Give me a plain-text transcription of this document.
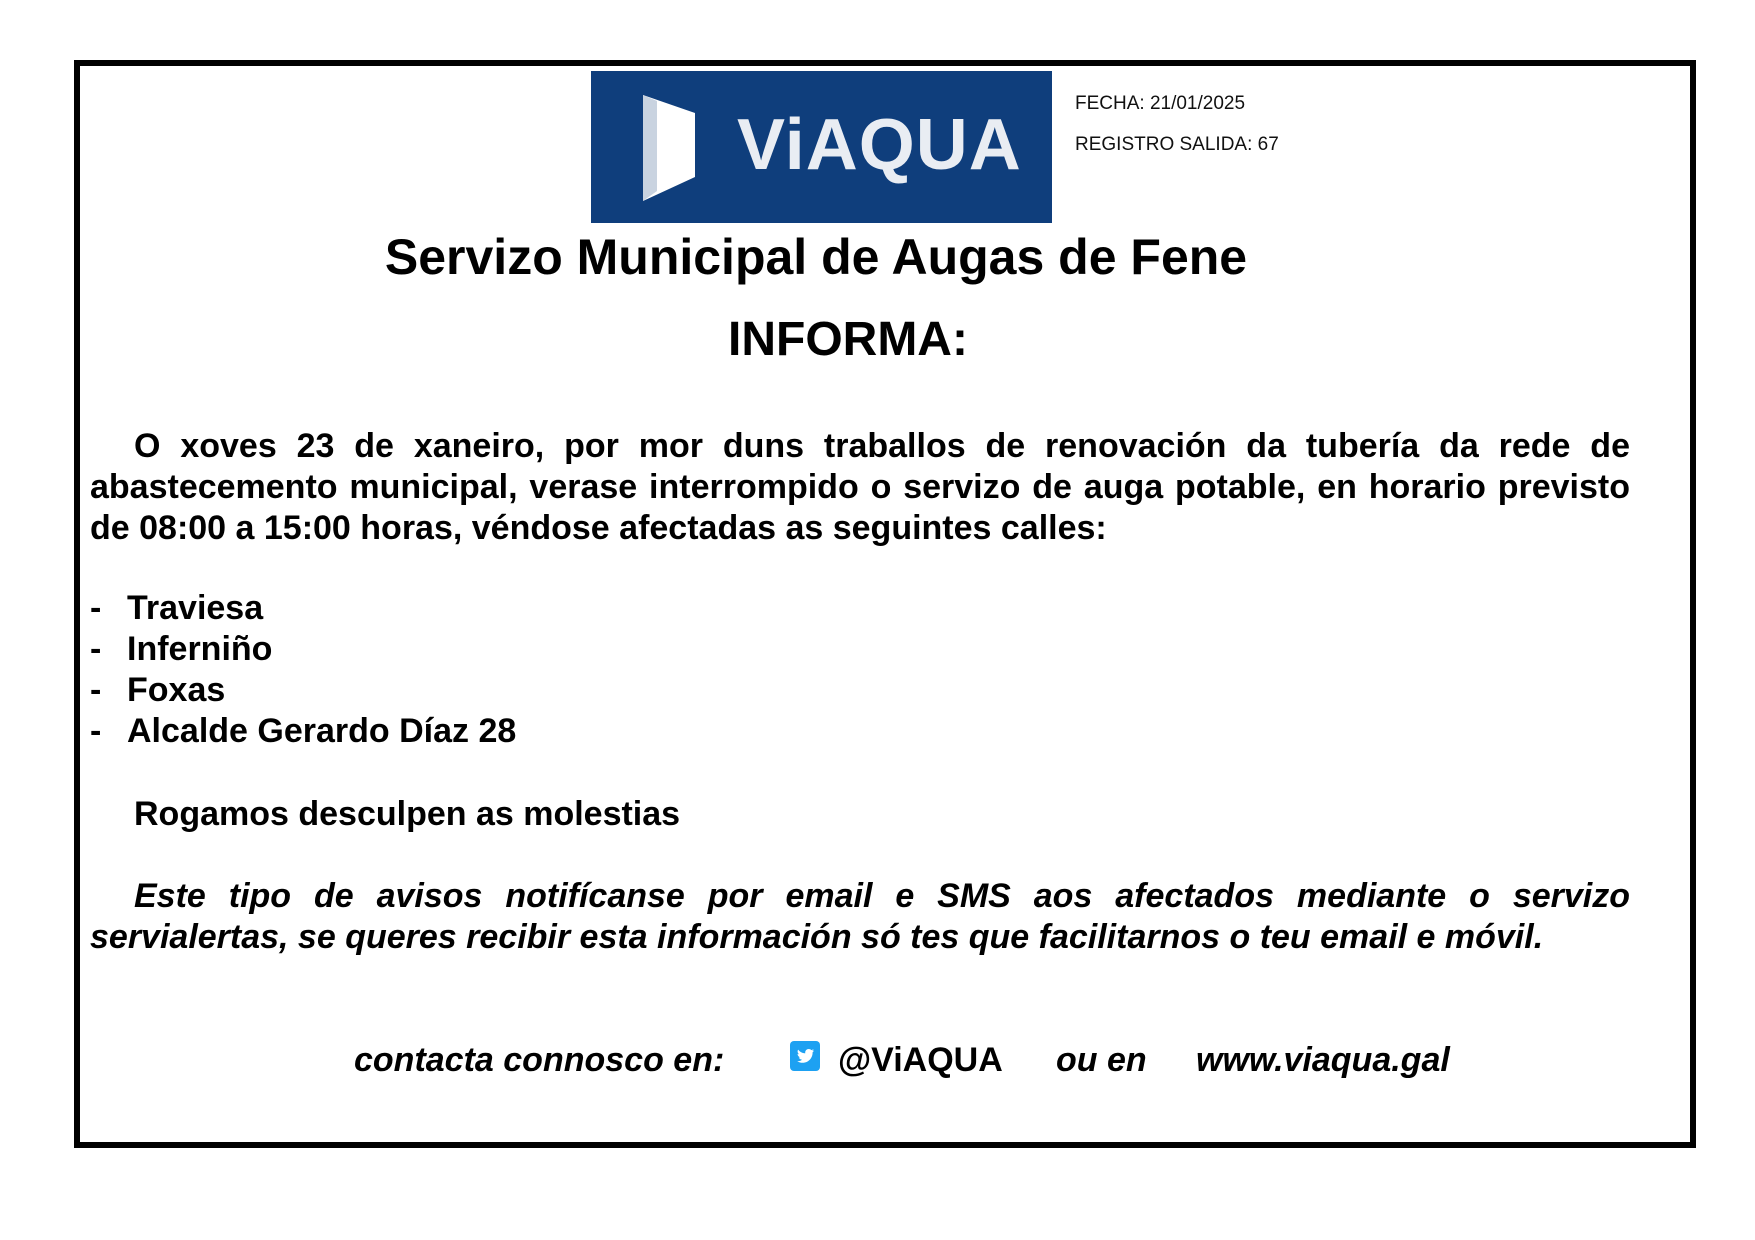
ViAQUA
FECHA: 21/01/2025
REGISTRO SALIDA: 67
Servizo Municipal de Augas de Fene
INFORMA:

O xoves 23 de xaneiro, por mor duns traballos de renovación da tubería da rede de abastecemento municipal, verase interrompido o servizo de auga potable, en horario previsto de 08:00 a 15:00 horas, véndose afectadas as seguintes calles:

- Traviesa
- Inferniño
- Foxas
- Alcalde Gerardo Díaz 28
Rogamos desculpen as molestias

Este tipo de avisos notifícanse por email e SMS aos afectados mediante o servizo servialertas, se queres recibir esta información só tes que facilitarnos o teu email e móvil.

contacta connosco en:	@ViAQUA ou en www.viaqua.gal
